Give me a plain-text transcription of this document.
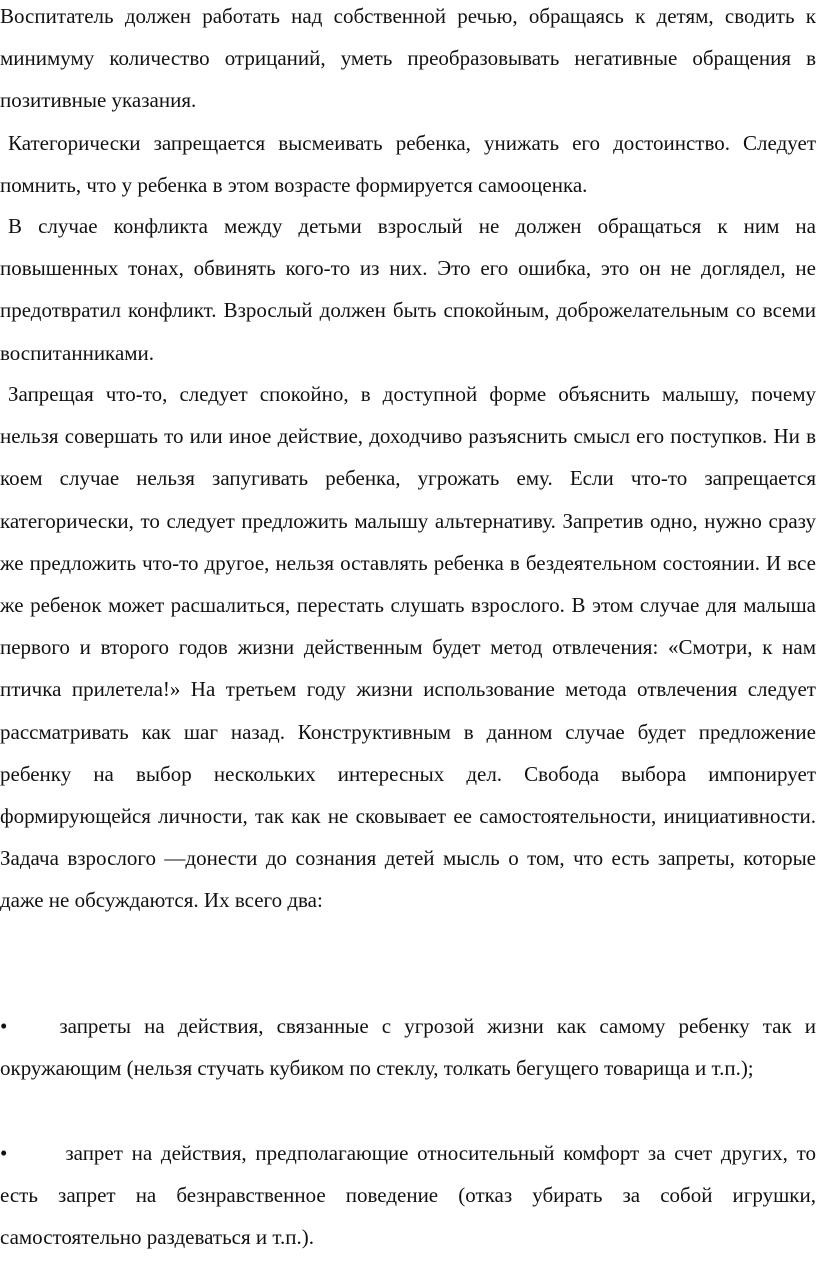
Воспитатель должен работать над собственной речью, обращаясь к детям, сводить к минимуму количество отрицаний, уметь преобразовывать негативные обращения в позитивные указания.

Категорически запрещается высмеивать ребенка, унижать его достоинство. Следует помнить, что у ребенка в этом возрасте формируется самооценка.

В случае конфликта между детьми взрослый не должен обращаться к ним на повышенных тонах, обвинять кого-то из них. Это его ошибка, это он не доглядел, не предотвратил конфликт. Взрослый должен быть спокойным, доброжелательным со всеми воспитанниками.

Запрещая что-то, следует спокойно, в доступной форме объяснить малышу, почему нельзя совершать то или иное действие, доходчиво разъяснить смысл его поступков. Ни в коем случае нельзя запугивать ребенка, угрожать ему. Если что-то запрещается категорически, то следует предложить малышу альтернативу. Запретив одно, нужно сразу же предложить что-то другое, нельзя оставлять ребенка в бездеятельном состоянии. И все же ребенок может расшалиться, перестать слушать взрослого. В этом случае для малыша первого и второго годов жизни действенным будет метод отвлечения: «Смотри, к нам птичка прилетела!» На третьем году жизни использование метода отвлечения следует рассматривать как шаг назад. Конструктивным в данном случае будет предложение ребенку на выбор нескольких интересных дел. Свобода выбора импонирует формирующейся личности, так как не сковывает ее самостоятельности, инициативности. Задача взрослого —донести до сознания детей мысль о том, что есть запреты, которые даже не обсуждаются. Их всего два:

• запреты на действия, связанные с угрозой жизни как самому ребенку так и окружающим (нельзя стучать кубиком по стеклу, толкать бегущего товарища и т.п.);

•	запрет на действия, предполагающие относительный комфорт за счет других, то есть запрет на безнравственное поведение (отказ убирать за собой игрушки, самостоятельно раздеваться и т.п.).
